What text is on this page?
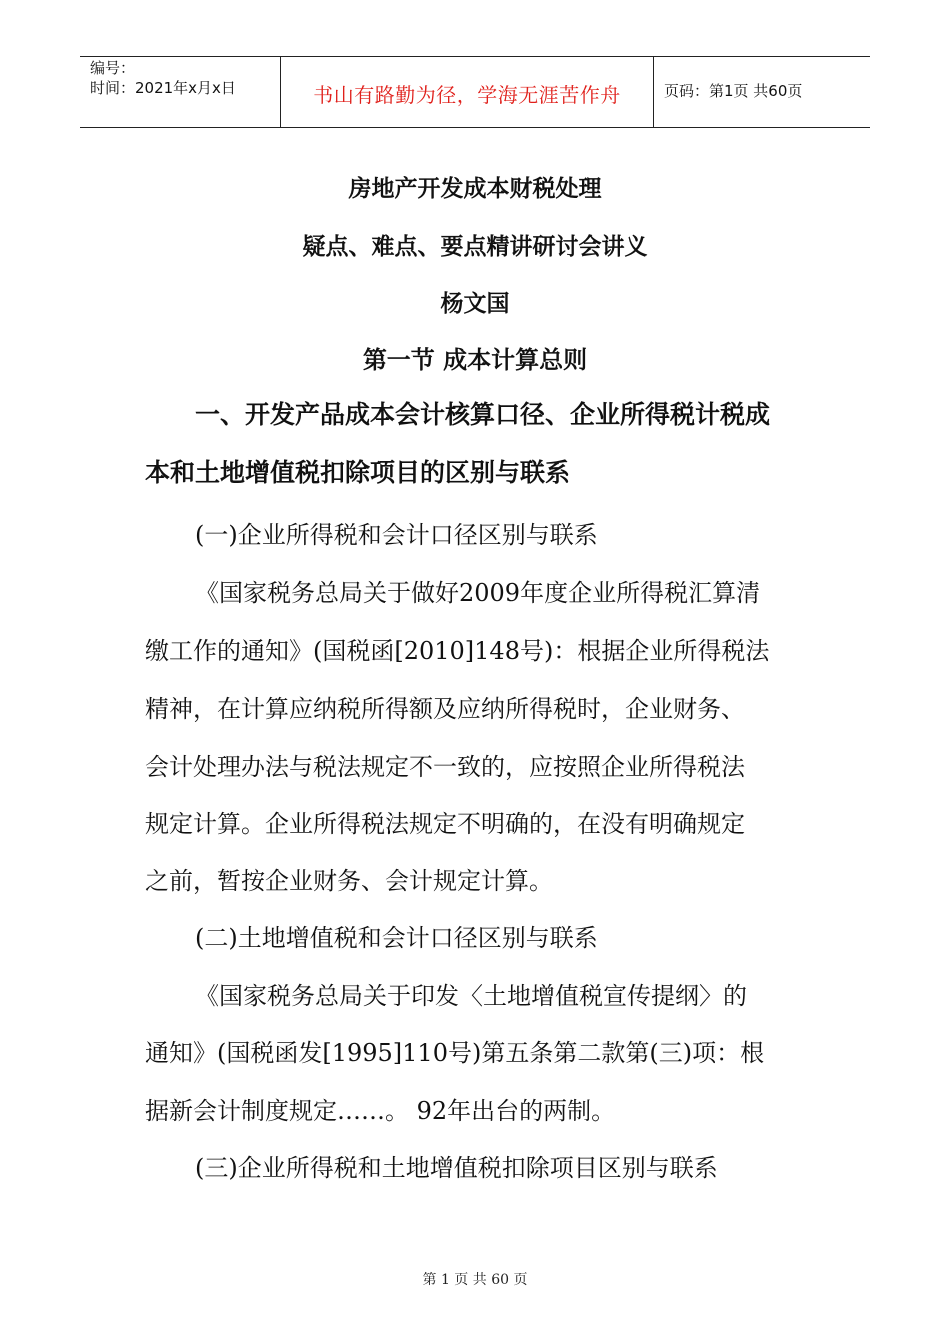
编号：
时间：2021年x月x日	书山有路勤为径，学海无涯苦作舟	页码：第1页 共60页
房地产开发成本财税处理
疑点、难点、要点精讲研讨会讲义
杨文国
第一节 成本计算总则
一、开发产品成本会计核算口径、企业所得税计税成
本和土地增值税扣除项目的区别与联系
(一)企业所得税和会计口径区别与联系
《国家税务总局关于做好2009年度企业所得税汇算清
缴工作的通知》(国税函[2010]148号)：根据企业所得税法
精神，在计算应纳税所得额及应纳所得税时，企业财务、
会计处理办法与税法规定不一致的，应按照企业所得税法
规定计算。企业所得税法规定不明确的，在没有明确规定
之前，暂按企业财务、会计规定计算。
(二)土地增值税和会计口径区别与联系
《国家税务总局关于印发〈土地增值税宣传提纲〉的
通知》(国税函发[1995]110号)第五条第二款第(三)项：根
据新会计制度规定……。 92年出台的两制。
(三)企业所得税和土地增值税扣除项目区别与联系
第 1 页 共 60 页
